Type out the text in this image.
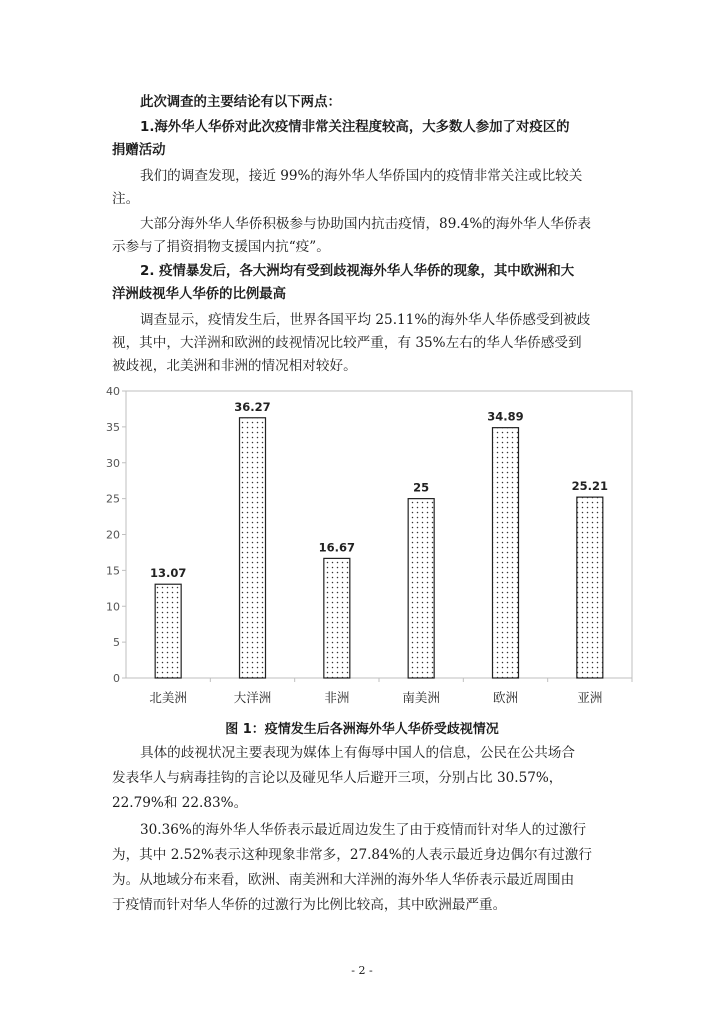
此次调查的主要结论有以下两点：
1.海外华人华侨对此次疫情非常关注程度较高，大多数人参加了对疫区的
捐赠活动
我们的调查发现，接近 99%的海外华人华侨国内的疫情非常关注或比较关
注。
大部分海外华人华侨积极参与协助国内抗击疫情，89.4%的海外华人华侨表
示参与了捐资捐物支援国内抗“疫”。
2. 疫情暴发后，各大洲均有受到歧视海外华人华侨的现象，其中欧洲和大
洋洲歧视华人华侨的比例最高
调查显示，疫情发生后，世界各国平均 25.11%的海外华人华侨感受到被歧
视，其中，大洋洲和欧洲的歧视情况比较严重，有 35%左右的华人华侨感受到
被歧视，北美洲和非洲的情况相对较好。
0
5
10
15
20
25
30
35
40
13.07
北美洲
36.27
大洋洲
16.67
非洲
25
南美洲
34.89
欧洲
25.21
亚洲
图 1：疫情发生后各洲海外华人华侨受歧视情况
具体的歧视状况主要表现为媒体上有侮辱中国人的信息，公民在公共场合
发表华人与病毒挂钩的言论以及碰见华人后避开三项，分别占比 30.57%，
22.79%和 22.83%。
30.36%的海外华人华侨表示最近周边发生了由于疫情而针对华人的过激行
为，其中 2.52%表示这种现象非常多，27.84%的人表示最近身边偶尔有过激行
为。从地域分布来看，欧洲、南美洲和大洋洲的海外华人华侨表示最近周围由
于疫情而针对华人华侨的过激行为比例比较高，其中欧洲最严重。
- 2 -
